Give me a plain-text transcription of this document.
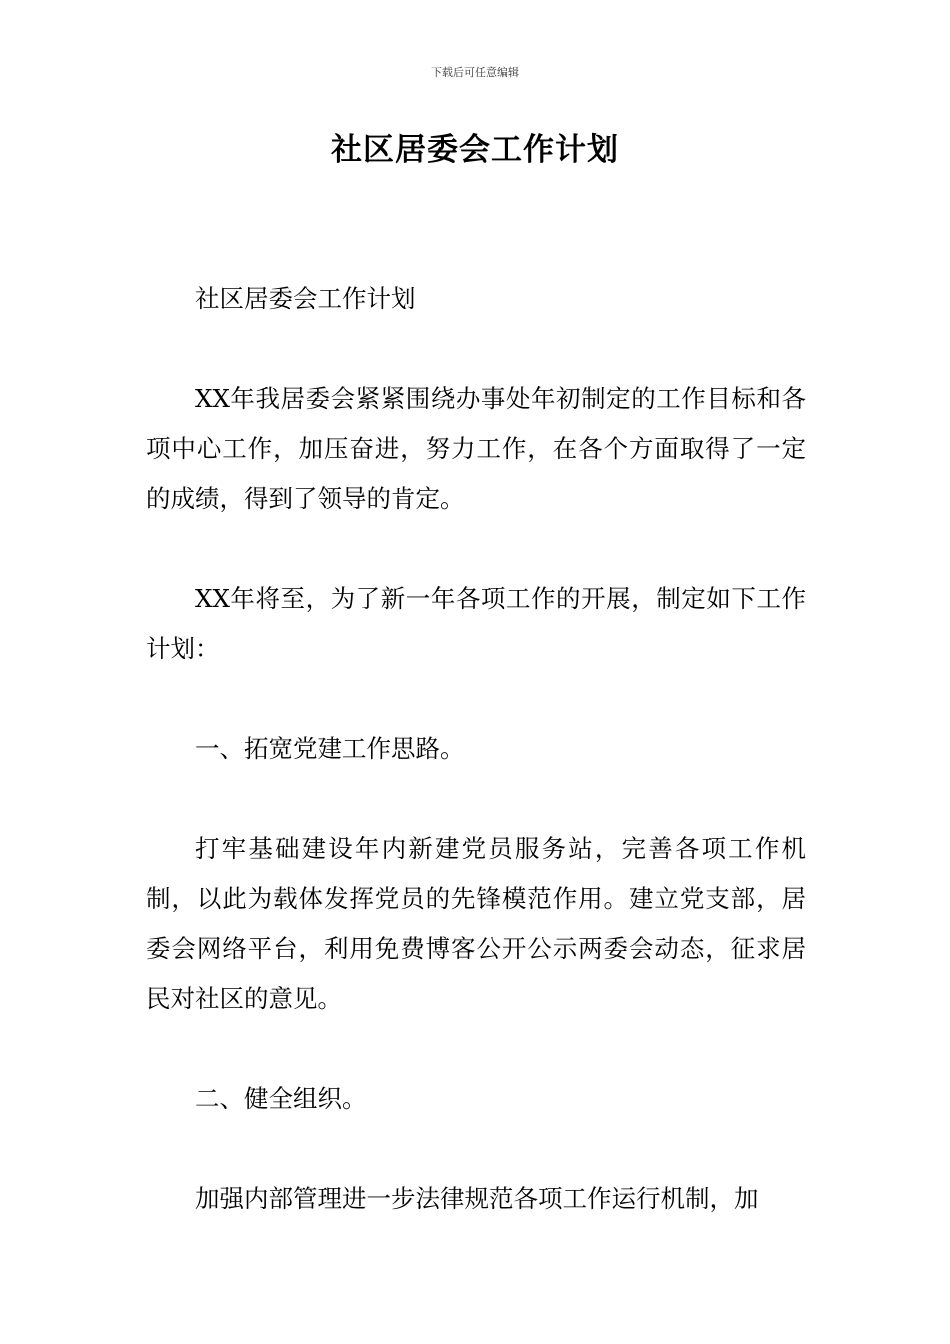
下载后可任意编辑
社区居委会工作计划

社区居委会工作计划

XX年我居委会紧紧围绕办事处年初制定的工作目标和各项中心工作，加压奋进，努力工作，在各个方面取得了一定的成绩，得到了领导的肯定。

XX年将至，为了新一年各项工作的开展，制定如下工作计划：

一、拓宽党建工作思路。

打牢基础建设年内新建党员服务站，完善各项工作机制，以此为载体发挥党员的先锋模范作用。建立党支部，居委会网络平台，利用免费博客公开公示两委会动态，征求居民对社区的意见。

二、健全组织。

加强内部管理进一步法律规范各项工作运行机制，加
